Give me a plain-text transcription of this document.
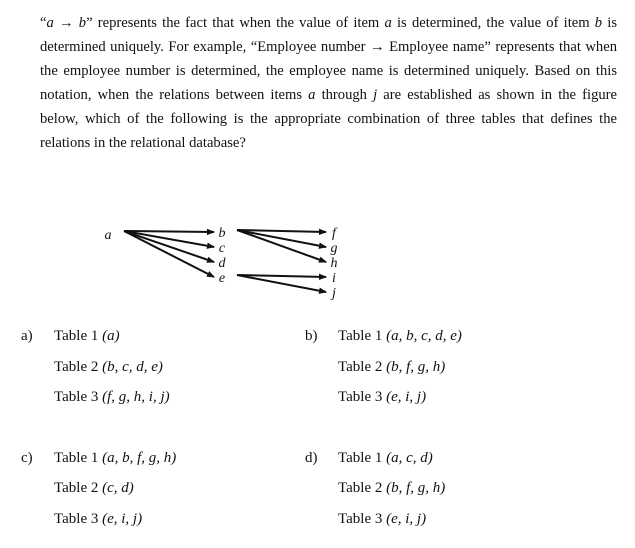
“a → b” represents the fact that when the value of item a is determined, the value of item b is determined uniquely. For example, “Employee number → Employee name” represents that when the employee number is determined, the employee name is determined uniquely. Based on this notation, when the relations between items a through j are established as shown in the figure below, which of the following is the appropriate combination of three tables that defines the relations in the relational database?
a	b
c
d
e
f
g
h
i
j
a) Table 1 (a)
Table 2 (b, c, d, e)
Table 3 (f, g, h, i, j)
b) Table 1 (a, b, c, d, e)
Table 2 (b, f, g, h)
Table 3 (e, i, j)
c) Table 1 (a, b, f, g, h)
Table 2 (c, d)
Table 3 (e, i, j)
d) Table 1 (a, c, d)
Table 2 (b, f, g, h)
Table 3 (e, i, j)
